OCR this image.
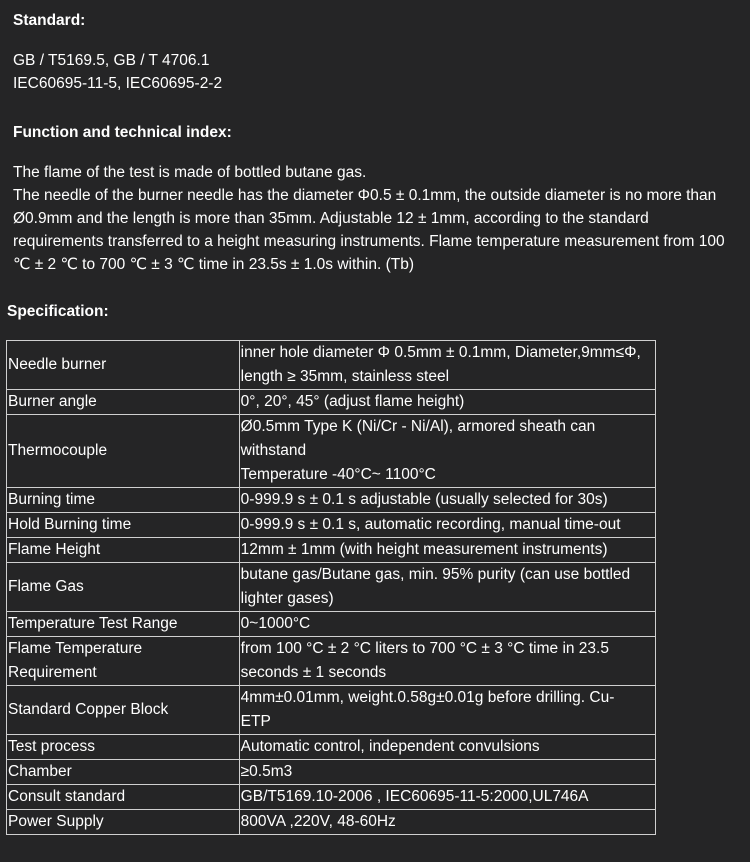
Standard:
GB / T5169.5, GB / T 4706.1
IEC60695-11-5, IEC60695-2-2
Function and technical index:
The flame of the test is made of bottled butane gas.
The needle of the burner needle has the diameter Φ0.5 ± 0.1mm, the outside diameter is no more than Ø0.9mm and the length is more than 35mm. Adjustable 12 ± 1mm, according to the standard requirements transferred to a height measuring instruments. Flame temperature measurement from 100 ℃ ± 2 ℃ to 700 ℃ ± 3 ℃ time in 23.5s ± 1.0s within. (Tb)
Specification:
Needle burner	inner hole diameter Φ 0.5mm ± 0.1mm, Diameter,9mm≤Φ,
length ≥ 35mm, stainless steel

Burner angle	0°, 20°, 45° (adjust flame height)

Thermocouple	Ø0.5mm Type K (Ni/Cr - Ni/Al), armored sheath can
withstand
Temperature -40°C~ 1100°C

Burning time	0-999.9 s ± 0.1 s adjustable (usually selected for 30s)

Hold Burning time	0-999.9 s ± 0.1 s, automatic recording, manual time-out

Flame Height	12mm ± 1mm (with height measurement instruments)

Flame Gas	butane gas/Butane gas, min. 95% purity (can use bottled
lighter gases)

Temperature Test Range	0~1000°C

Flame Temperature
Requirement	from 100 °C ± 2 °C liters to 700 °C ± 3 °C time in 23.5
seconds ± 1 seconds

Standard Copper Block	4mm±0.01mm, weight.0.58g±0.01g before drilling. Cu-
ETP

Test process	Automatic control, independent convulsions

Chamber	≥0.5m3

Consult standard	GB/T5169.10-2006 , IEC60695-11-5:2000,UL746A

Power Supply	800VA ,220V, 48-60Hz
